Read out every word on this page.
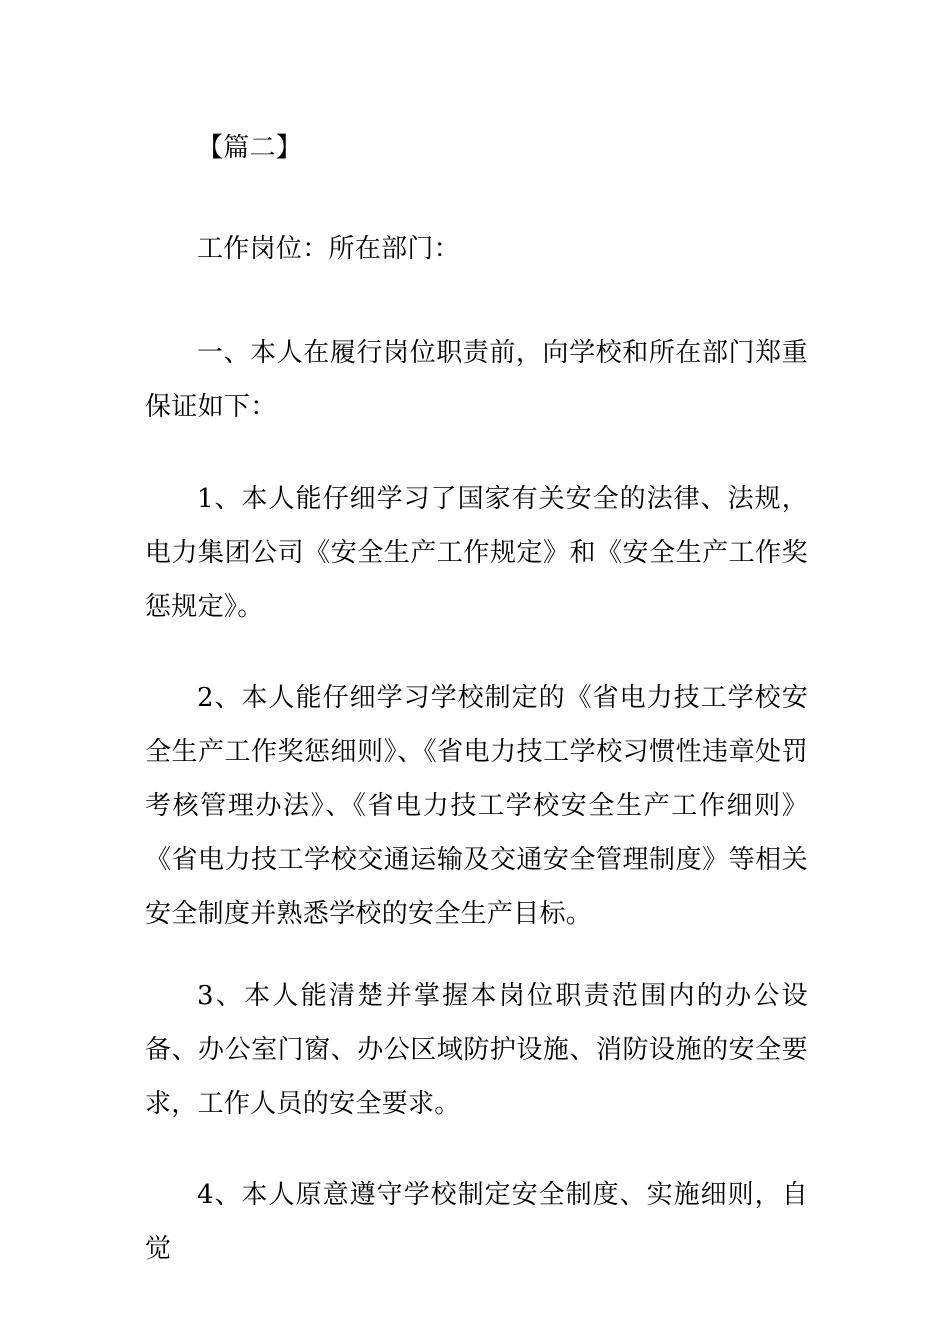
【篇二】

工作岗位：所在部门：

一、本人在履行岗位职责前，向学校和所在部门郑重保证如下：

1、本人能仔细学习了国家有关安全的法律、法规，电力集团公司《安全生产工作规定》和《安全生产工作奖惩规定》。

2、本人能仔细学习学校制定的《省电力技工学校安全生产工作奖惩细则》、《省电力技工学校习惯性违章处罚考核管理办法》、《省电力技工学校安全生产工作细则》《省电力技工学校交通运输及交通安全管理制度》等相关安全制度并熟悉学校的安全生产目标。

3、本人能清楚并掌握本岗位职责范围内的办公设备、办公室门窗、办公区域防护设施、消防设施的安全要求，工作人员的安全要求。

4、本人原意遵守学校制定安全制度、实施细则，自觉
